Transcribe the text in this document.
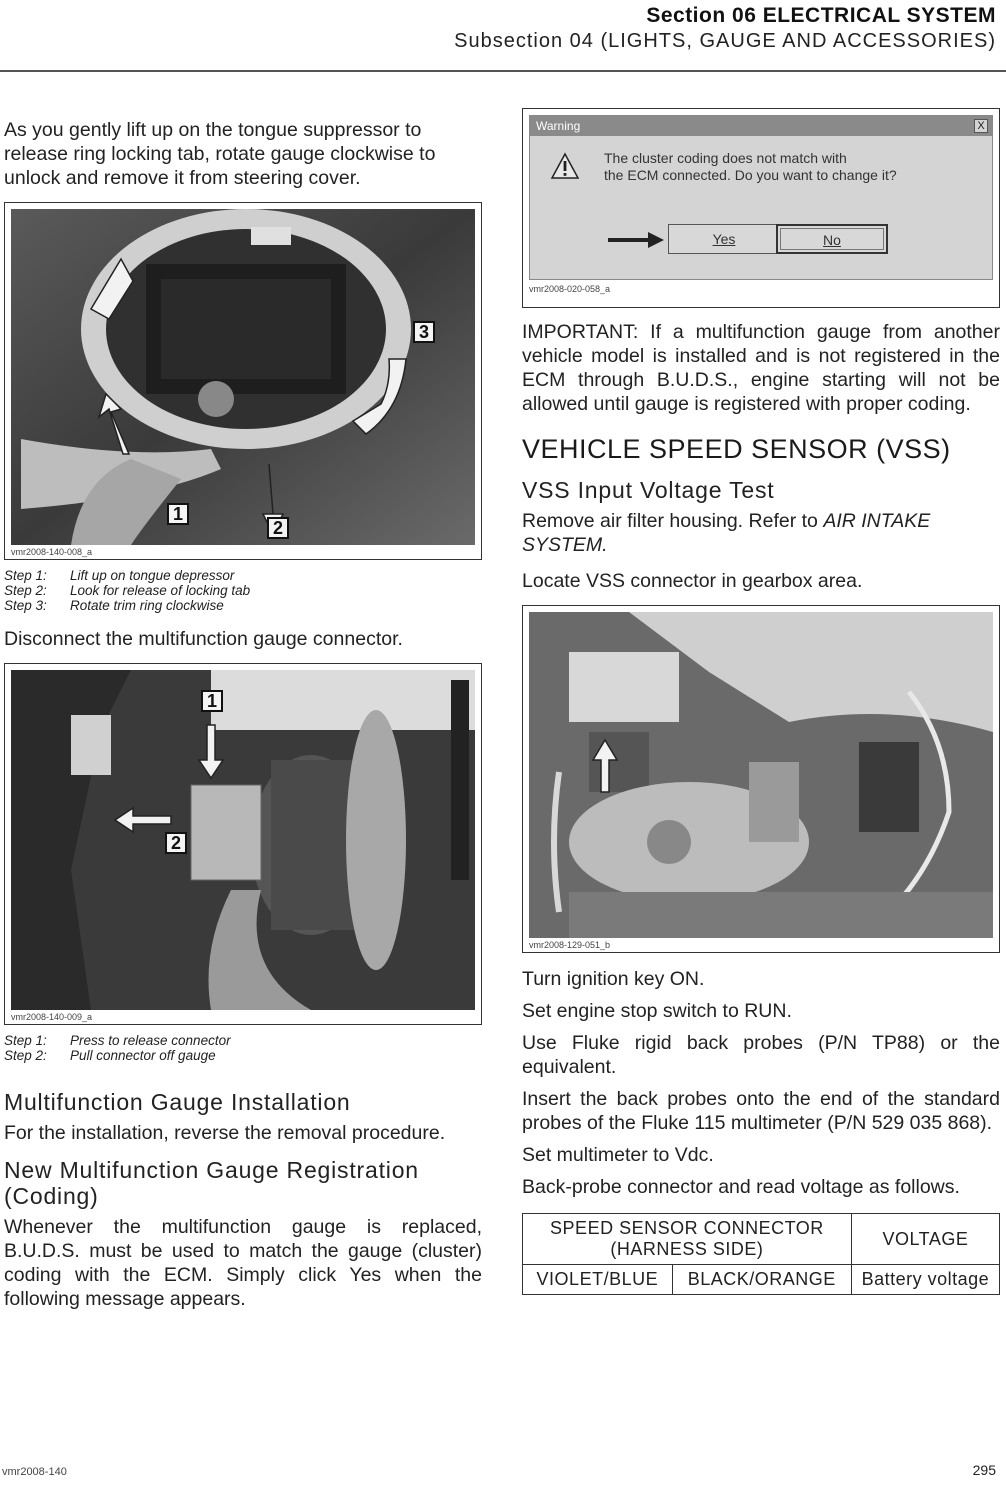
Section 06 ELECTRICAL SYSTEM
Subsection 04 (LIGHTS, GAUGE AND ACCESSORIES)

As you gently lift up on the tongue suppressor to release ring locking tab, rotate gauge clockwise to unlock and remove it from steering cover.

3
1
2
vmr2008-140-008_a
Step 1:	Lift up on tongue depressor
Step 2:	Look for release of locking tab
Step 3:	Rotate trim ring clockwise

Disconnect the multifunction gauge connector.

1
2
vmr2008-140-009_a
Step 1:	Press to release connector
Step 2:	Pull connector off gauge
Multifunction Gauge Installation

For the installation, reverse the removal procedure.

New Multifunction Gauge Registration (Coding)

Whenever the multifunction gauge is replaced, B.U.D.S. must be used to match the gauge (cluster) coding with the ECM. Simply click Yes when the following message appears.

Warning	X
The cluster coding does not match with
the ECM connected. Do you want to change it?
Yes	No
vmr2008-020-058_a

IMPORTANT: If a multifunction gauge from another vehicle model is installed and is not registered in the ECM through B.U.D.S., engine starting will not be allowed until gauge is registered with proper coding.

VEHICLE SPEED SENSOR (VSS)
VSS Input Voltage Test

Remove air filter housing. Refer to AIR INTAKE SYSTEM.

Locate VSS connector in gearbox area.

vmr2008-129-051_b

Turn ignition key ON.

Set engine stop switch to RUN.

Use Fluke rigid back probes (P/N TP88) or the equivalent.

Insert the back probes onto the end of the standard probes of the Fluke 115 multimeter (P/N 529 035 868).

Set multimeter to Vdc.

Back-probe connector and read voltage as follows.

SPEED SENSOR CONNECTOR (HARNESS SIDE)		VOLTAGE
VIOLET/BLUE	BLACK/ORANGE	Battery voltage
vmr2008-140	295
